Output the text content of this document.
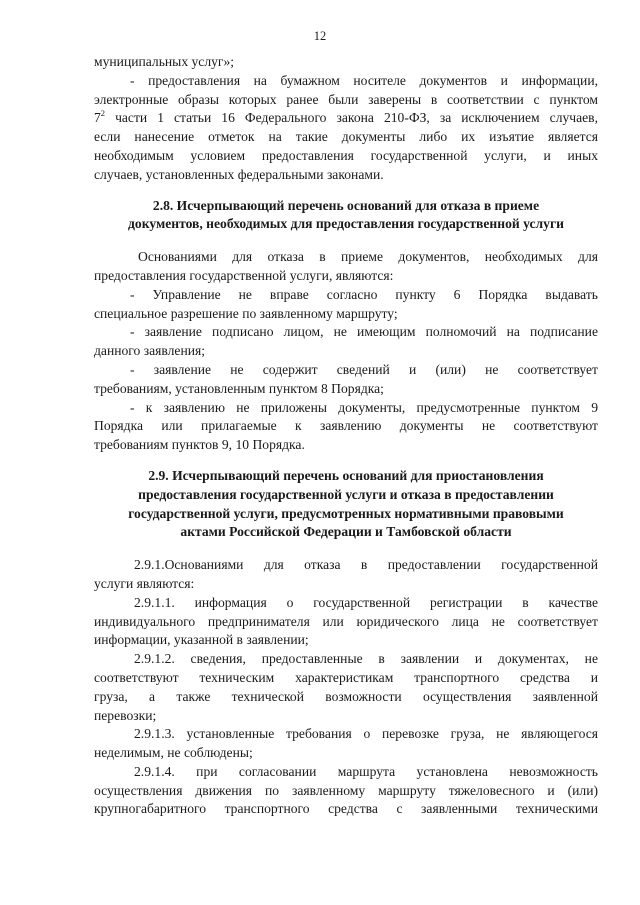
12
муниципальных услуг»;
- предоставления на бумажном носителе документов и информации,
электронные образы которых ранее были заверены в соответствии с пунктом
$7^2$ части 1 статьи 16 Федерального закона 210-ФЗ, за исключением случаев,
если нанесение отметок на такие документы либо их изъятие является
необходимым условием предоставления государственной услуги, и иных
случаев, установленных федеральными законами.
2.8. Исчерпывающий перечень оснований для отказа в приеме
документов, необходимых для предоставления государственной услуги
Основаниями для отказа в приеме документов, необходимых для
предоставления государственной услуги, являются:
- Управление не вправе согласно пункту 6 Порядка выдавать
специальное разрешение по заявленному маршруту;
- заявление подписано лицом, не имеющим полномочий на подписание
данного заявления;
- заявление не содержит сведений и (или) не соответствует
требованиям, установленным пунктом 8 Порядка;
- к заявлению не приложены документы, предусмотренные пунктом 9
Порядка или прилагаемые к заявлению документы не соответствуют
требованиям пунктов 9, 10 Порядка.
2.9. Исчерпывающий перечень оснований для приостановления
предоставления государственной услуги и отказа в предоставлении
государственной услуги, предусмотренных нормативными правовыми
актами Российской Федерации и Тамбовской области
2.9.1.Основаниями для отказа в предоставлении государственной
услуги являются:
2.9.1.1. информация о государственной регистрации в качестве
индивидуального предпринимателя или юридического лица не соответствует
информации, указанной в заявлении;
2.9.1.2. сведения, предоставленные в заявлении и документах, не
соответствуют техническим характеристикам транспортного средства и
груза, а также технической возможности осуществления заявленной
перевозки;
2.9.1.3. установленные требования о перевозке груза, не являющегося
неделимым, не соблюдены;
2.9.1.4. при согласовании маршрута установлена невозможность
осуществления движения по заявленному маршруту тяжеловесного и (или)
крупногабаритного транспортного средства с заявленными техническими
